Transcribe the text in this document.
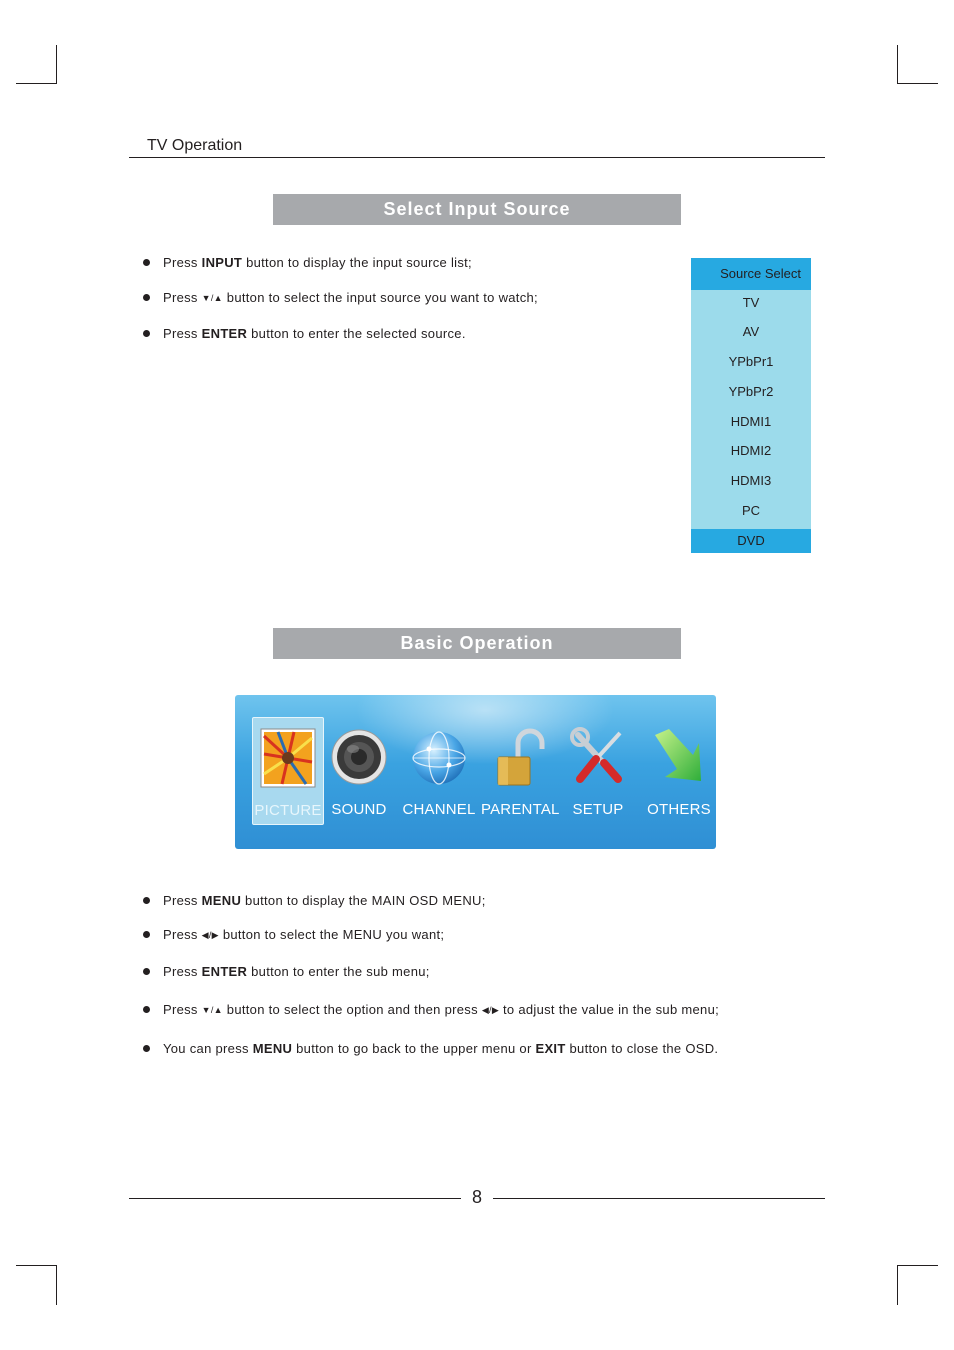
TV Operation
Select Input Source
Press INPUT button to display the input source list;
Press ▼/▲ button to select the input source you want to watch;
Press ENTER button to enter the selected source.
Source Select
TV
AV
YPbPr1
YPbPr2
HDMI1
HDMI2
HDMI3
PC
DVD
Basic Operation
PICTURE SOUND	CHANNEL PARENTAL SETUP	OTHERS
Press MENU button to display the MAIN OSD MENU;
Press ◀/▶ button to select the MENU you want;
Press ENTER button to enter the sub menu;
Press ▼/▲ button to select the option and then press ◀/▶ to adjust the value in the sub menu;
You can press MENU button to go back to the upper menu or EXIT button to close the OSD.
8
